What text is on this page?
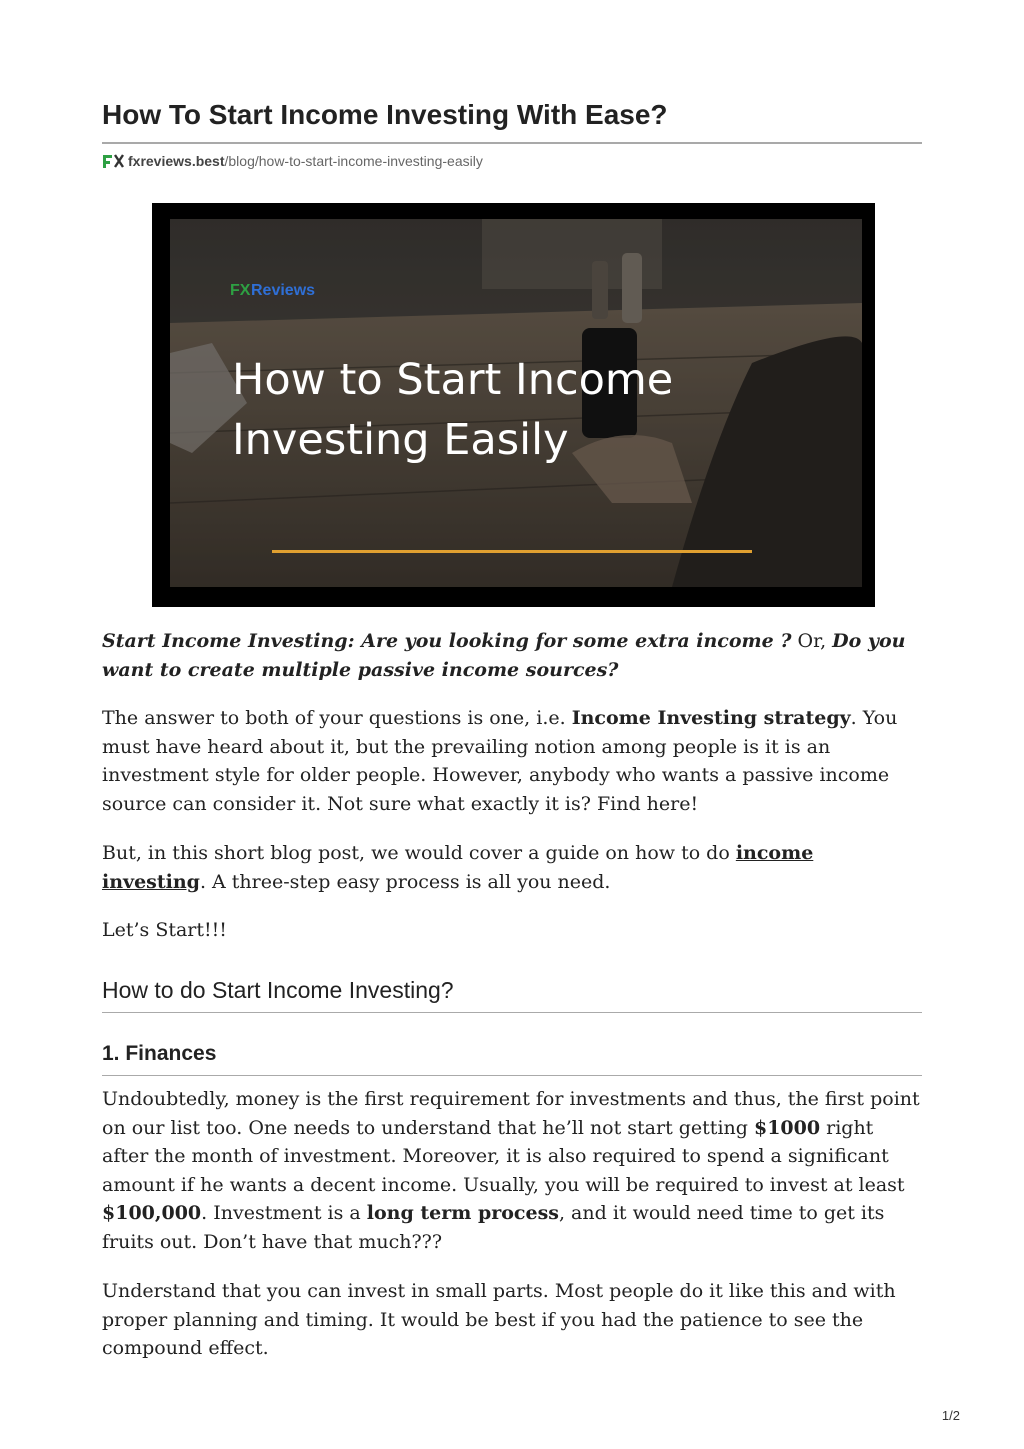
How To Start Income Investing With Ease?
fxreviews.best /blog/how-to-start-income-investing-easily
FX Reviews
How to Start Income
Investing Easily

Start Income Investing: Are you looking for some extra income ? Or, Do you want to create multiple passive income sources?

The answer to both of your questions is one, i.e. Income Investing strategy. You must have heard about it, but the prevailing notion among people is it is an investment style for older people. However, anybody who wants a passive income source can consider it. Not sure what exactly it is? Find here!

But, in this short blog post, we would cover a guide on how to do income investing. A three-step easy process is all you need.

Let’s Start!!!

How to do Start Income Investing?
1. Finances

Undoubtedly, money is the first requirement for investments and thus, the first point on our list too. One needs to understand that he’ll not start getting $1000 right after the month of investment. Moreover, it is also required to spend a significant amount if he wants a decent income. Usually, you will be required to invest at least $100,000. Investment is a long term process, and it would need time to get its fruits out. Don’t have that much???

Understand that you can invest in small parts. Most people do it like this and with proper planning and timing. It would be best if you had the patience to see the compound effect.

1/2
